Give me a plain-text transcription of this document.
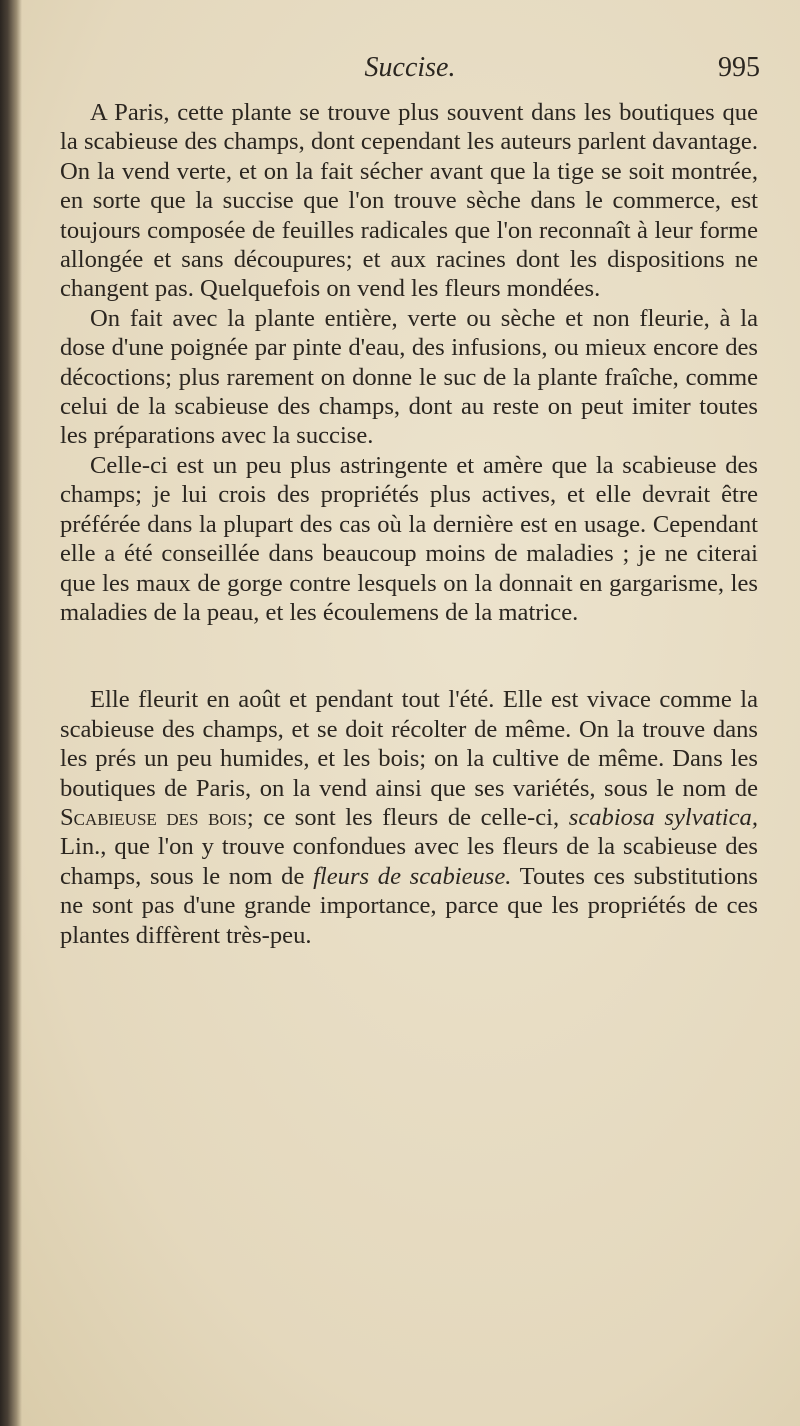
Succise.	995

A Paris, cette plante se trouve plus souvent dans les boutiques que la scabieuse des champs, dont cependant les auteurs parlent davantage. On la vend verte, et on la fait sécher avant que la tige se soit montrée, en sorte que la succise que l'on trouve sèche dans le commerce, est toujours composée de feuilles radicales que l'on reconnaît à leur forme allongée et sans découpures; et aux racines dont les dispositions ne changent pas. Quelquefois on vend les fleurs mondées.

On fait avec la plante entière, verte ou sèche et non fleurie, à la dose d'une poignée par pinte d'eau, des infusions, ou mieux encore des décoctions; plus rarement on donne le suc de la plante fraîche, comme celui de la scabieuse des champs, dont au reste on peut imiter toutes les préparations avec la succise.

Celle-ci est un peu plus astringente et amère que la scabieuse des champs; je lui crois des propriétés plus actives, et elle devrait être préférée dans la plupart des cas où la dernière est en usage. Cependant elle a été conseillée dans beaucoup moins de maladies ; je ne citerai que les maux de gorge contre lesquels on la donnait en gargarisme, les maladies de la peau, et les écoulemens de la matrice.

Elle fleurit en août et pendant tout l'été. Elle est vivace comme la scabieuse des champs, et se doit récolter de même. On la trouve dans les prés un peu humides, et les bois; on la cultive de même. Dans les boutiques de Paris, on la vend ainsi que ses variétés, sous le nom de Scabieuse des bois; ce sont les fleurs de celle-ci, scabiosa sylvatica, Lin., que l'on y trouve confondues avec les fleurs de la scabieuse des champs, sous le nom de fleurs de scabieuse. Toutes ces substitutions ne sont pas d'une grande importance, parce que les propriétés de ces plantes diffèrent très-peu.
